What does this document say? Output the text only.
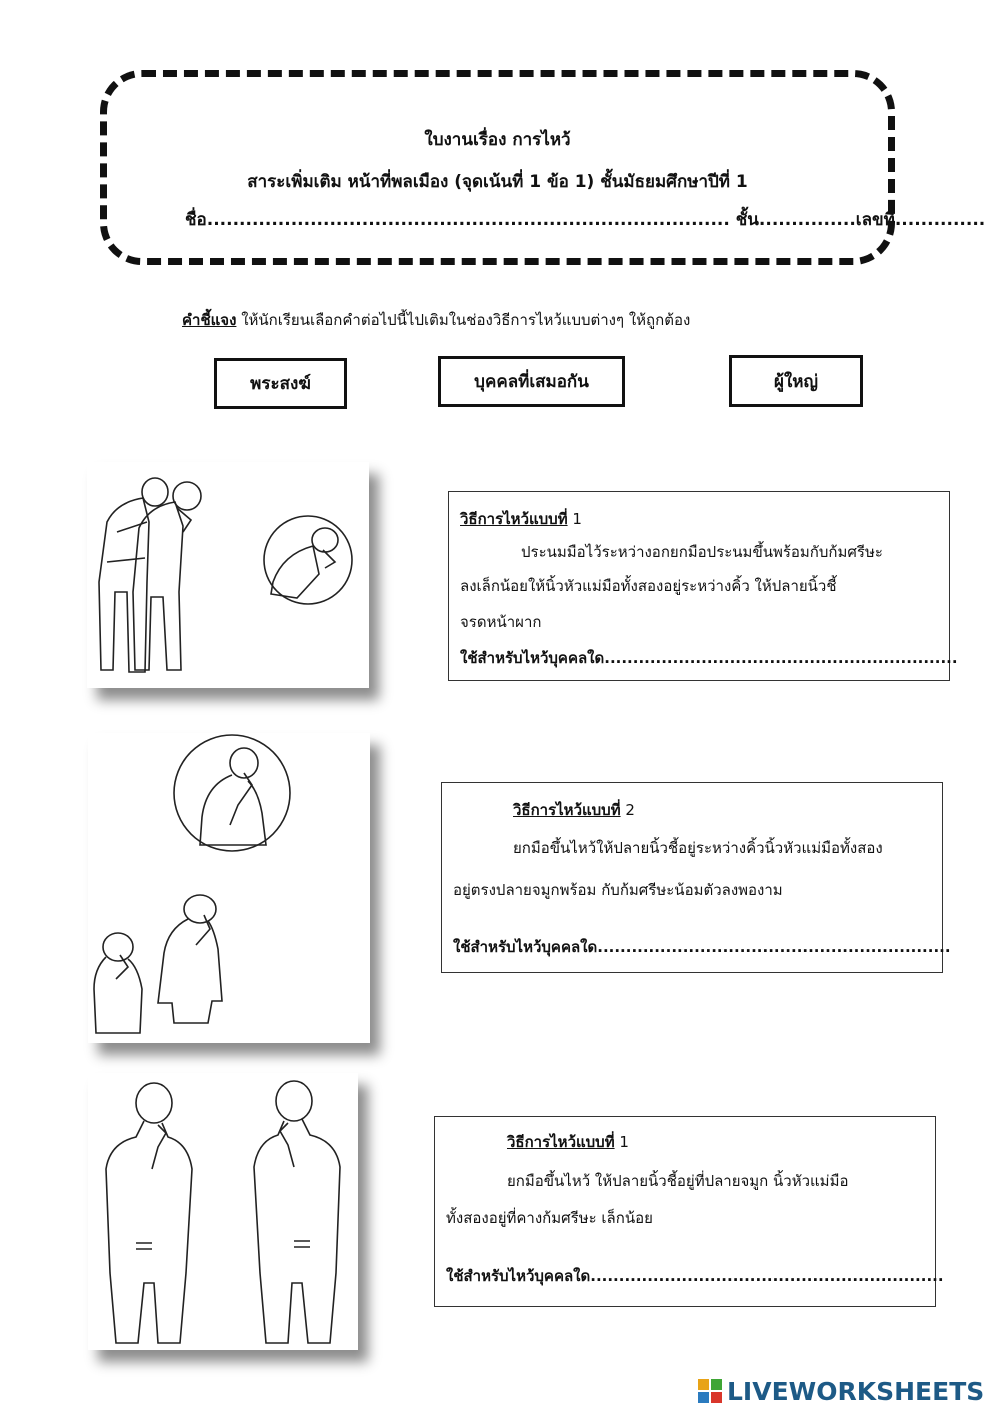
ใบงานเรื่อง การไหว้
สาระเพิ่มเติม หน้าที่พลเมือง (จุดเน้นที่ 1 ข้อ 1) ชั้นมัธยมศึกษาปีที่ 1
ชื่อ................................................................................. ชั้น...............เลขที่..............
คำชี้แจง ให้นักเรียนเลือกคำต่อไปนี้ไปเติมในช่องวิธีการไหว้แบบต่างๆ ให้ถูกต้อง
พระสงฆ์	บุคคลที่เสมอกัน	ผู้ใหญ่
วิธีการไหว้แบบที่ 1
ประนมมือไว้ระหว่างอกยกมือประนมขึ้นพร้อมกับก้มศรีษะ
ลงเล็กน้อยให้นิ้วหัวแม่มือทั้งสองอยู่ระหว่างคิ้ว ให้ปลายนิ้วชี้
จรดหน้าผาก
ใช้สำหรับไหว้บุคคลใด..............................................................
วิธีการไหว้แบบที่ 2
ยกมือขึ้นไหว้ให้ปลายนิ้วชี้อยู่ระหว่างคิ้วนิ้วหัวแม่มือทั้งสอง
อยู่ตรงปลายจมูกพร้อม กับก้มศรีษะน้อมตัวลงพองาม
ใช้สำหรับไหว้บุคคลใด..............................................................
วิธีการไหว้แบบที่ 1
ยกมือขึ้นไหว้ ให้ปลายนิ้วชี้อยู่ที่ปลายจมูก นิ้วหัวแม่มือ
ทั้งสองอยู่ที่คางก้มศรีษะ เล็กน้อย
ใช้สำหรับไหว้บุคคลใด..............................................................
LIVEWORKSHEETS
